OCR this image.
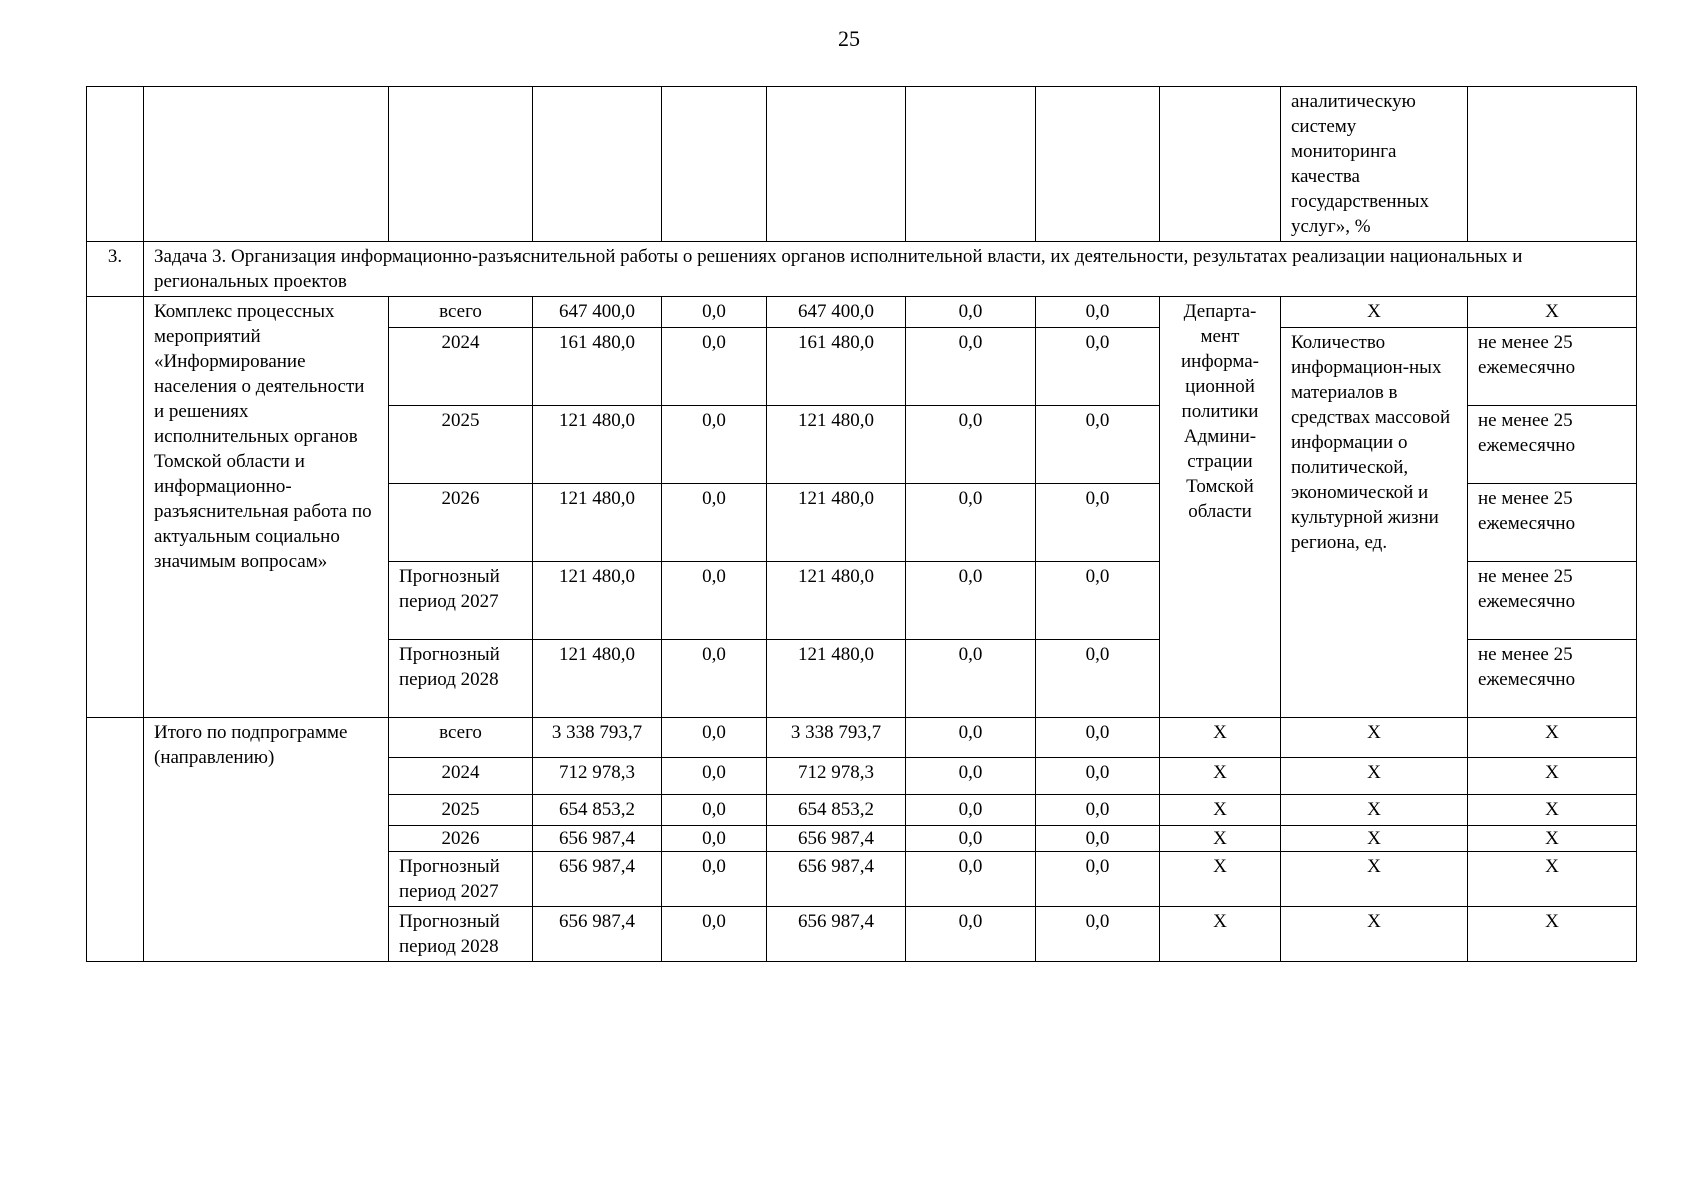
25
									аналитическую систему мониторинга качества государственных услуг», %	
3.	Задача 3. Организация информационно-разъяснительной работы о решениях органов исполнительной власти, их деятельности, результатах реализации национальных и региональных проектов									
	Комплекс процессных мероприятий «Информирование населения о деятельности и решениях исполнительных органов Томской области и информационно-разъяснительная работа по актуальным социально значимым вопросам»	всего	647 400,0	0,0	647 400,0	0,0	0,0	Департа-мент информа-ционной политики Админи-страции Томской области	Х	Х
		2024	161 480,0	0,0	161 480,0	0,0	0,0		Количество информацион-ных материалов в средствах массовой информации о политической, экономической и культурной жизни региона, ед.	не менее 25 ежемесячно
		2025	121 480,0	0,0	121 480,0	0,0	0,0			не менее 25 ежемесячно
		2026	121 480,0	0,0	121 480,0	0,0	0,0			не менее 25 ежемесячно
		Прогнозный период 2027	121 480,0	0,0	121 480,0	0,0	0,0			не менее 25 ежемесячно
		Прогнозный период 2028	121 480,0	0,0	121 480,0	0,0	0,0			не менее 25 ежемесячно
	Итого по подпрограмме (направлению)	всего	3 338 793,7	0,0	3 338 793,7	0,0	0,0	Х	Х	Х
		2024	712 978,3	0,0	712 978,3	0,0	0,0	Х	Х	Х
		2025	654 853,2	0,0	654 853,2	0,0	0,0	Х	Х	Х
		2026	656 987,4	0,0	656 987,4	0,0	0,0	Х	Х	Х
		Прогнозный период 2027	656 987,4	0,0	656 987,4	0,0	0,0	Х	Х	Х
		Прогнозный период 2028	656 987,4	0,0	656 987,4	0,0	0,0	Х	Х	Х
